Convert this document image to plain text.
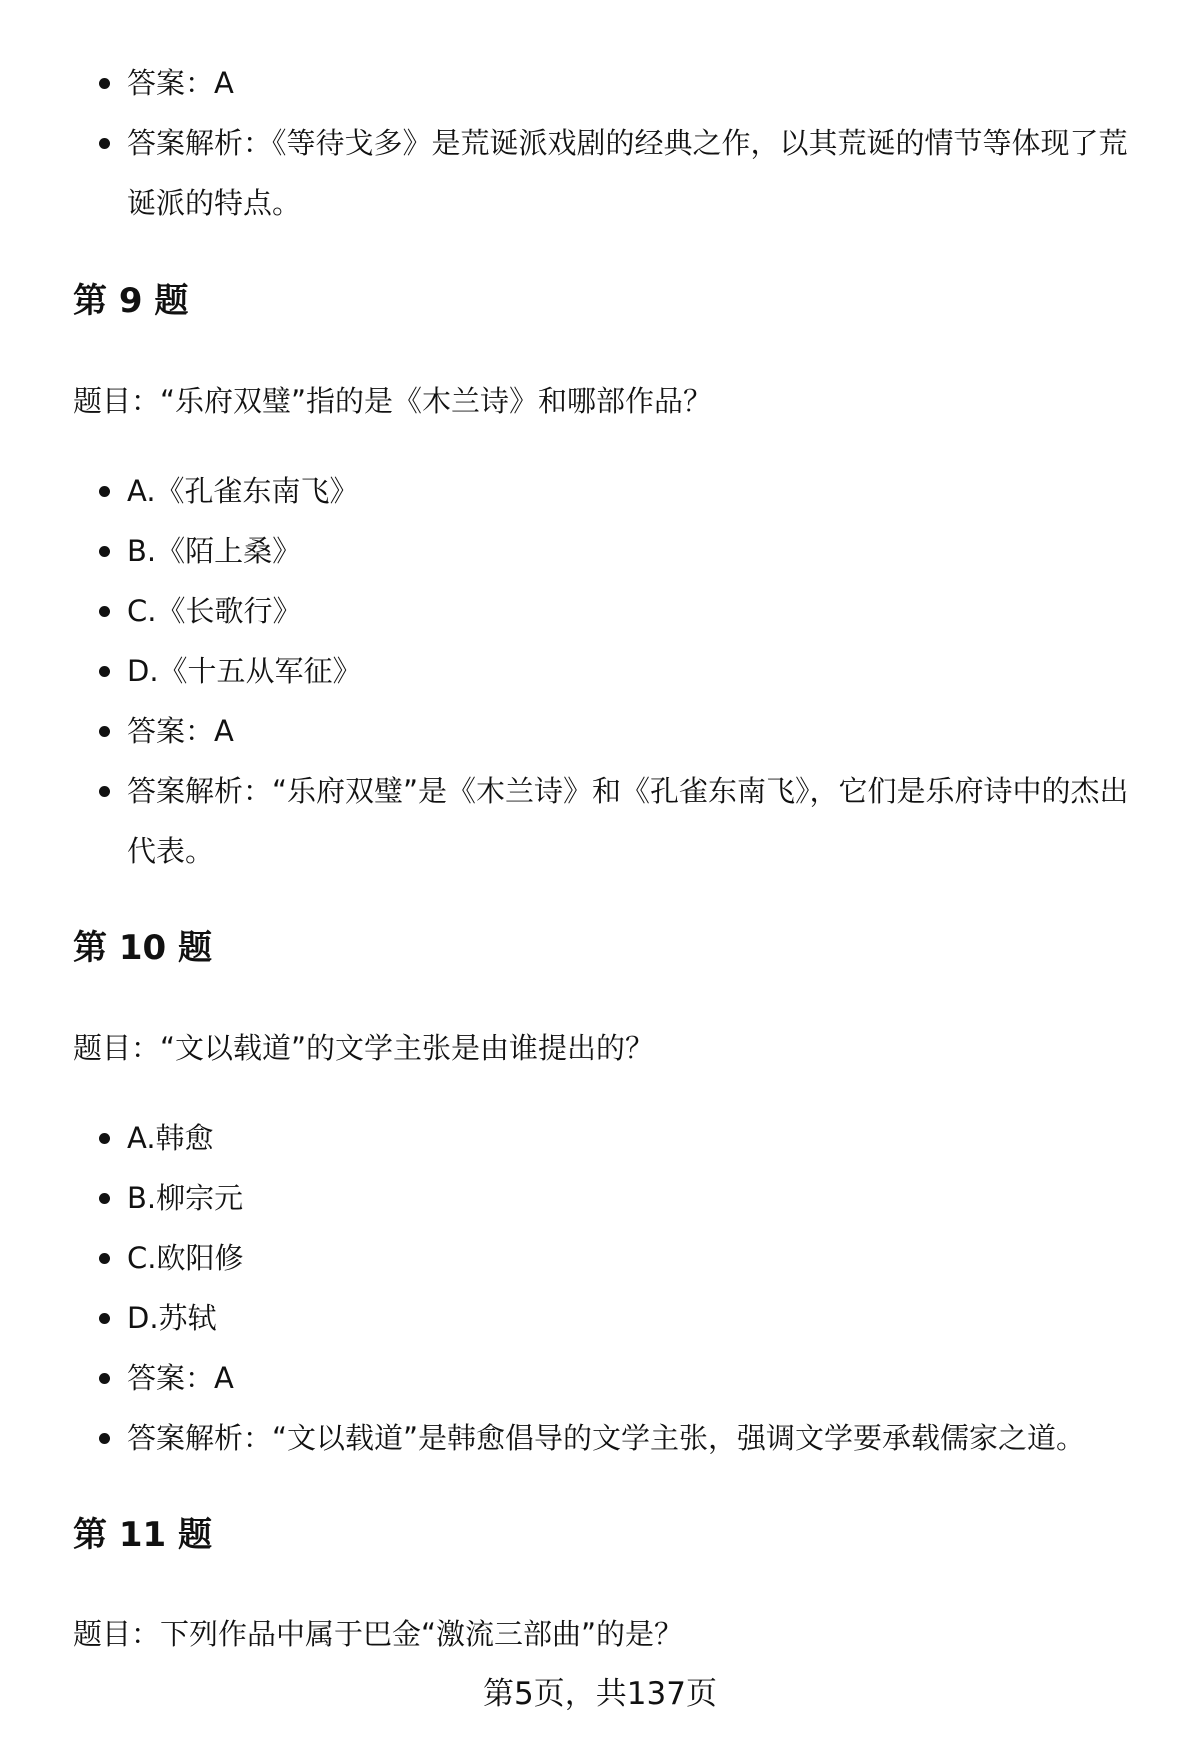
答案：A
答案解析：《等待戈多》是荒诞派戏剧的经典之作，以其荒诞的情节等体现了荒诞派的特点。
第 9 题

题目：“乐府双璧”指的是《木兰诗》和哪部作品？

A.《孔雀东南飞》
B.《陌上桑》
C.《长歌行》
D.《十五从军征》
答案：A
答案解析：“乐府双璧”是《木兰诗》和《孔雀东南飞》，它们是乐府诗中的杰出代表。
第 10 题

题目：“文以载道”的文学主张是由谁提出的？

A.韩愈
B.柳宗元
C.欧阳修
D.苏轼
答案：A
答案解析：“文以载道”是韩愈倡导的文学主张，强调文学要承载儒家之道。
第 11 题

题目：下列作品中属于巴金“激流三部曲”的是？

第5页，共137页
